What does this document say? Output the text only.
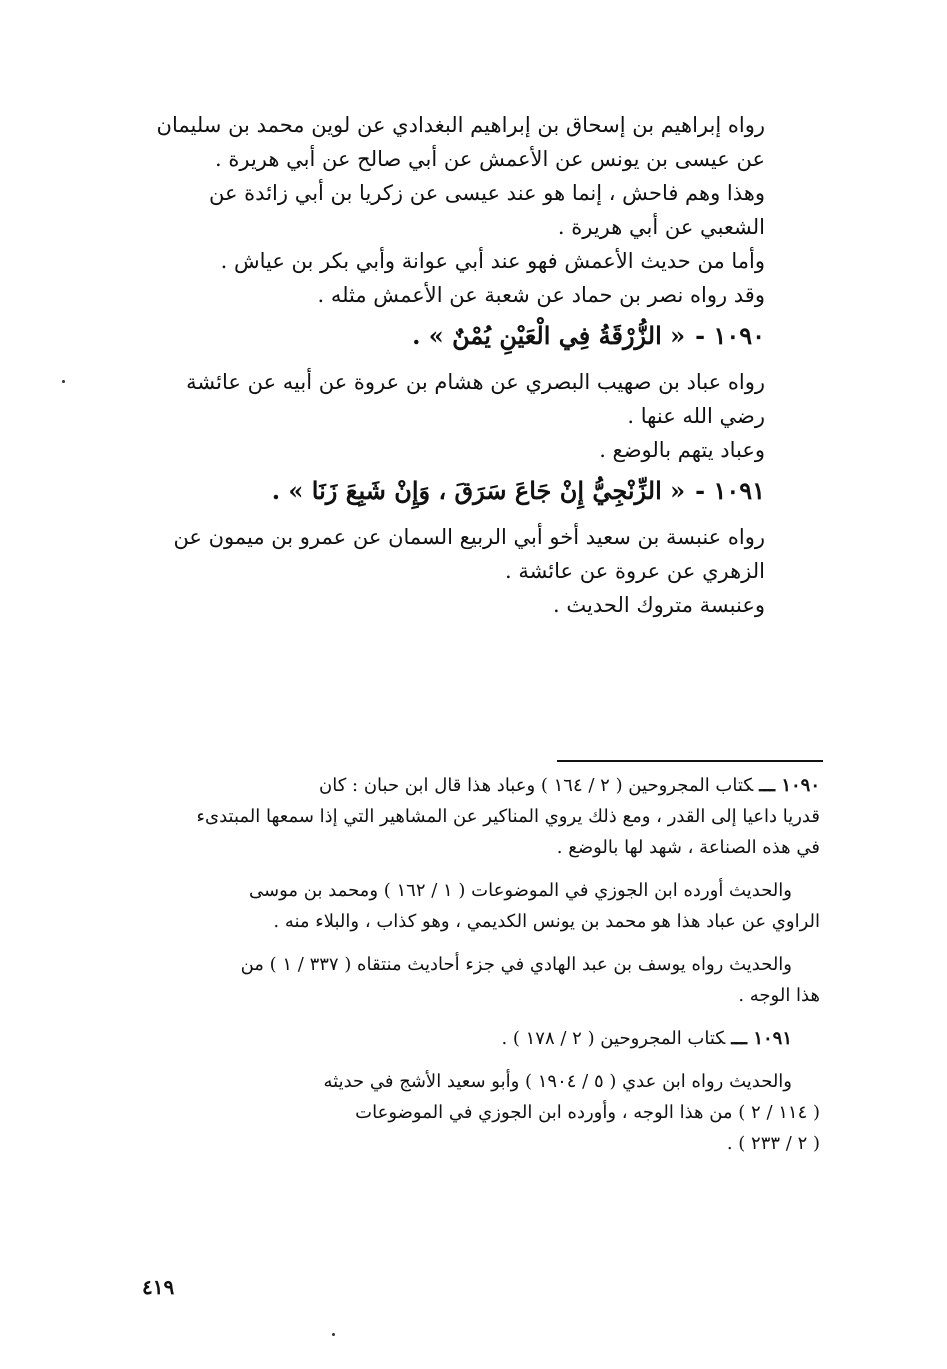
رواه إبراهيم بن إسحاق بن إبراهيم البغدادي عن لوين محمد بن سليمان
عن عيسى بن يونس عن الأعمش عن أبي صالح عن أبي هريرة .
وهذا وهم فاحش ، إنما هو عند عيسى عن زكريا بن أبي زائدة عن
الشعبي عن أبي هريرة .
وأما من حديث الأعمش فهو عند أبي عوانة وأبي بكر بن عياش .
وقد رواه نصر بن حماد عن شعبة عن الأعمش مثله .
١٠٩٠ -« الزُّرْقَةُ فِي الْعَيْنِ يُمْنٌ » .
رواه عباد بن صهيب البصري عن هشام بن عروة عن أبيه عن عائشة
رضي الله عنها .
وعباد يتهم بالوضع .
١٠٩١ -« الزِّنْجِيُّ إِنْ جَاعَ سَرَقَ ، وَإِنْ شَبِعَ زَنَا » .
رواه عنبسة بن سعيد أخو أبي الربيع السمان عن عمرو بن ميمون عن
الزهري عن عروة عن عائشة .
وعنبسة متروك الحديث .
١٠٩٠ ـــكتاب المجروحين ( ٢ / ١٦٤ ) وعباد هذا قال ابن حبان : كان
قدريا داعيا إلى القدر ، ومع ذلك يروي المناكير عن المشاهير التي إذا سمعها المبتدىء
في هذه الصناعة ، شهد لها بالوضع .
والحديث أورده ابن الجوزي في الموضوعات ( ١ / ١٦٢ ) ومحمد بن موسى
الراوي عن عباد هذا هو محمد بن يونس الكديمي ، وهو كذاب ، والبلاء منه .
والحديث رواه يوسف بن عبد الهادي في جزء أحاديث منتقاه ( ٣٣٧ / ١ ) من
هذا الوجه .
١٠٩١ ـــكتاب المجروحين ( ٢ / ١٧٨ ) .
والحديث رواه ابن عدي ( ٥ / ١٩٠٤ ) وأبو سعيد الأشج في حديثه
( ١١٤ / ٢ ) من هذا الوجه ، وأورده ابن الجوزي في الموضوعات
( ٢ / ٢٣٣ ) .
٤١٩
